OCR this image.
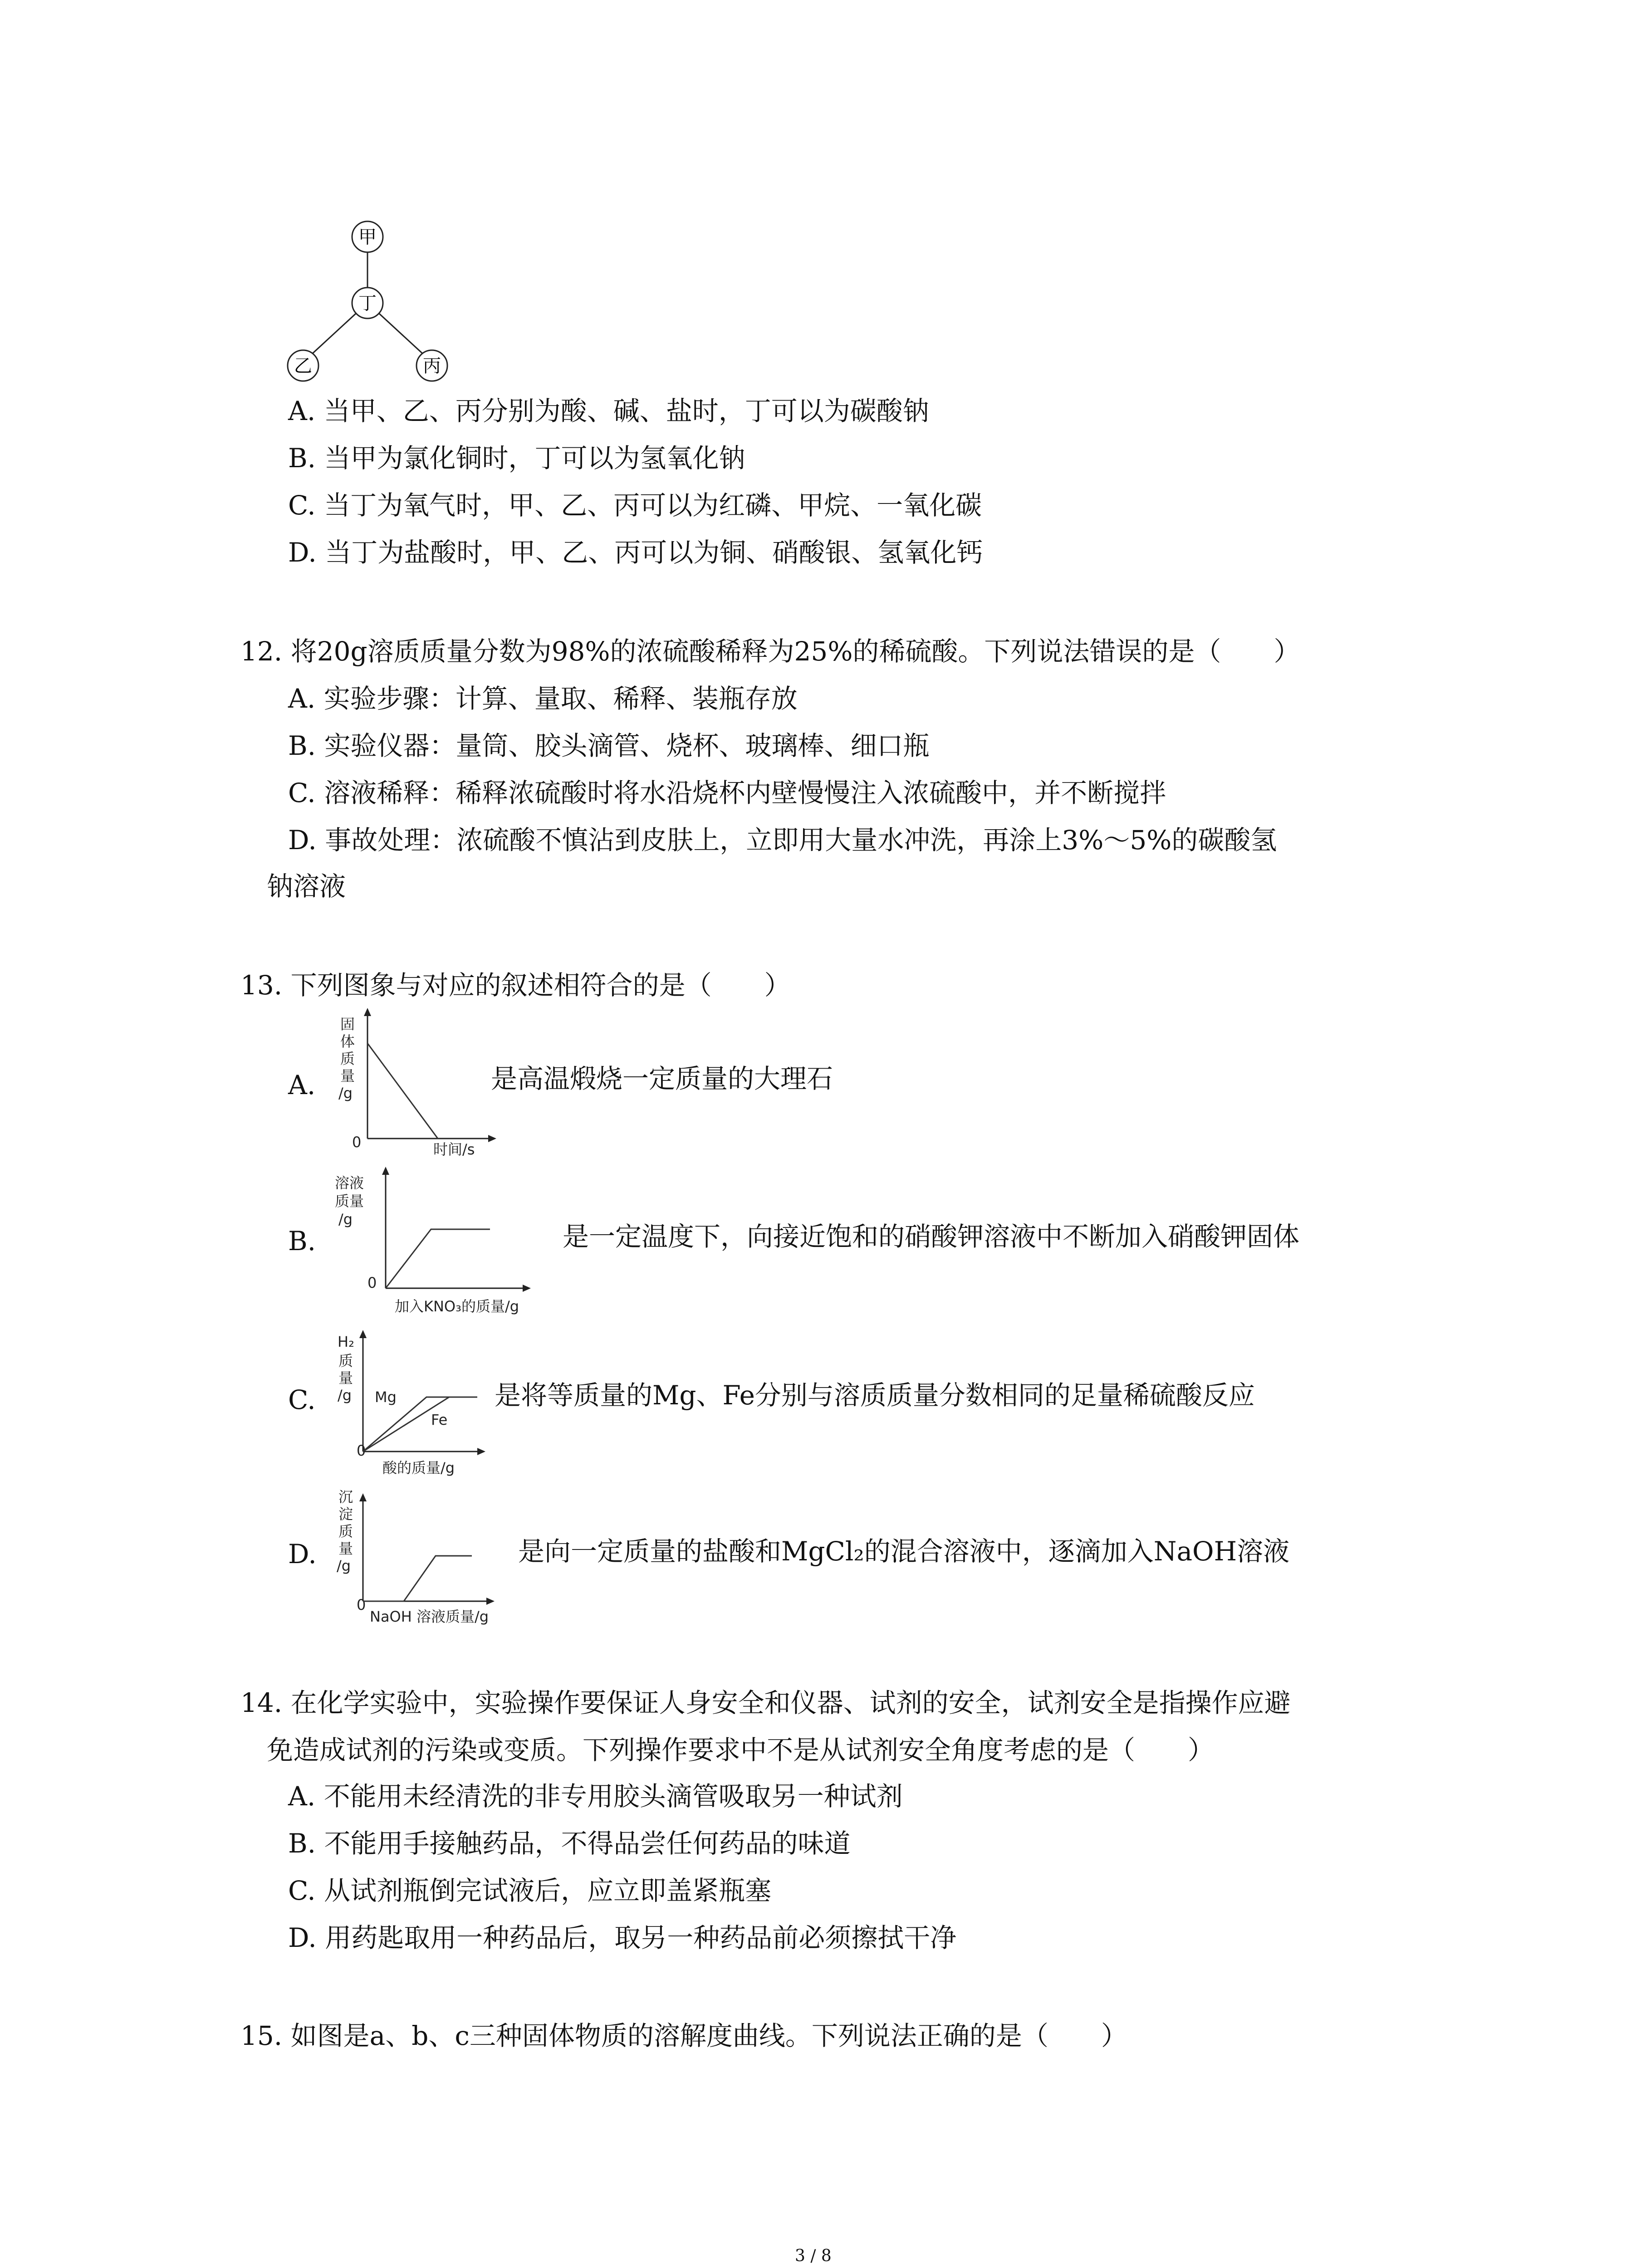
甲
丁
乙	丙
A. 当甲、乙、丙分别为酸、碱、盐时，丁可以为碳酸钠
B. 当甲为氯化铜时，丁可以为氢氧化钠
C. 当丁为氧气时，甲、乙、丙可以为红磷、甲烷、一氧化碳
D. 当丁为盐酸时，甲、乙、丙可以为铜、硝酸银、氢氧化钙
12. 将20g溶质质量分数为98%的浓硫酸稀释为25%的稀硫酸。下列说法错误的是（　　）
A. 实验步骤：计算、量取、稀释、装瓶存放
B. 实验仪器：量筒、胶头滴管、烧杯、玻璃棒、细口瓶
C. 溶液稀释：稀释浓硫酸时将水沿烧杯内壁慢慢注入浓硫酸中，并不断搅拌
D. 事故处理：浓硫酸不慎沾到皮肤上，立即用大量水冲洗，再涂上3%～5%的碳酸氢
钠溶液
13. 下列图象与对应的叙述相符合的是（　　）
A.
固
体
质
量
/g
0	时间/s
是高温煅烧一定质量的大理石
B.
溶液
质量
/g
0
加入KNO₃的质量/g
是一定温度下，向接近饱和的硝酸钾溶液中不断加入硝酸钾固体
C.
H₂
质
量
/g
0
酸的质量/g
Mg
Fe
是将等质量的Mg、Fe分别与溶质质量分数相同的足量稀硫酸反应
D.
沉
淀
质
量
/g
0
NaOH 溶液质量/g
是向一定质量的盐酸和MgCl₂的混合溶液中，逐滴加入NaOH溶液
14. 在化学实验中，实验操作要保证人身安全和仪器、试剂的安全，试剂安全是指操作应避
免造成试剂的污染或变质。下列操作要求中不是从试剂安全角度考虑的是（　　）
A. 不能用未经清洗的非专用胶头滴管吸取另一种试剂
B. 不能用手接触药品，不得品尝任何药品的味道
C. 从试剂瓶倒完试液后，应立即盖紧瓶塞
D. 用药匙取用一种药品后，取另一种药品前必须擦拭干净
15. 如图是a、b、c三种固体物质的溶解度曲线。下列说法正确的是（　　）
3 / 8
